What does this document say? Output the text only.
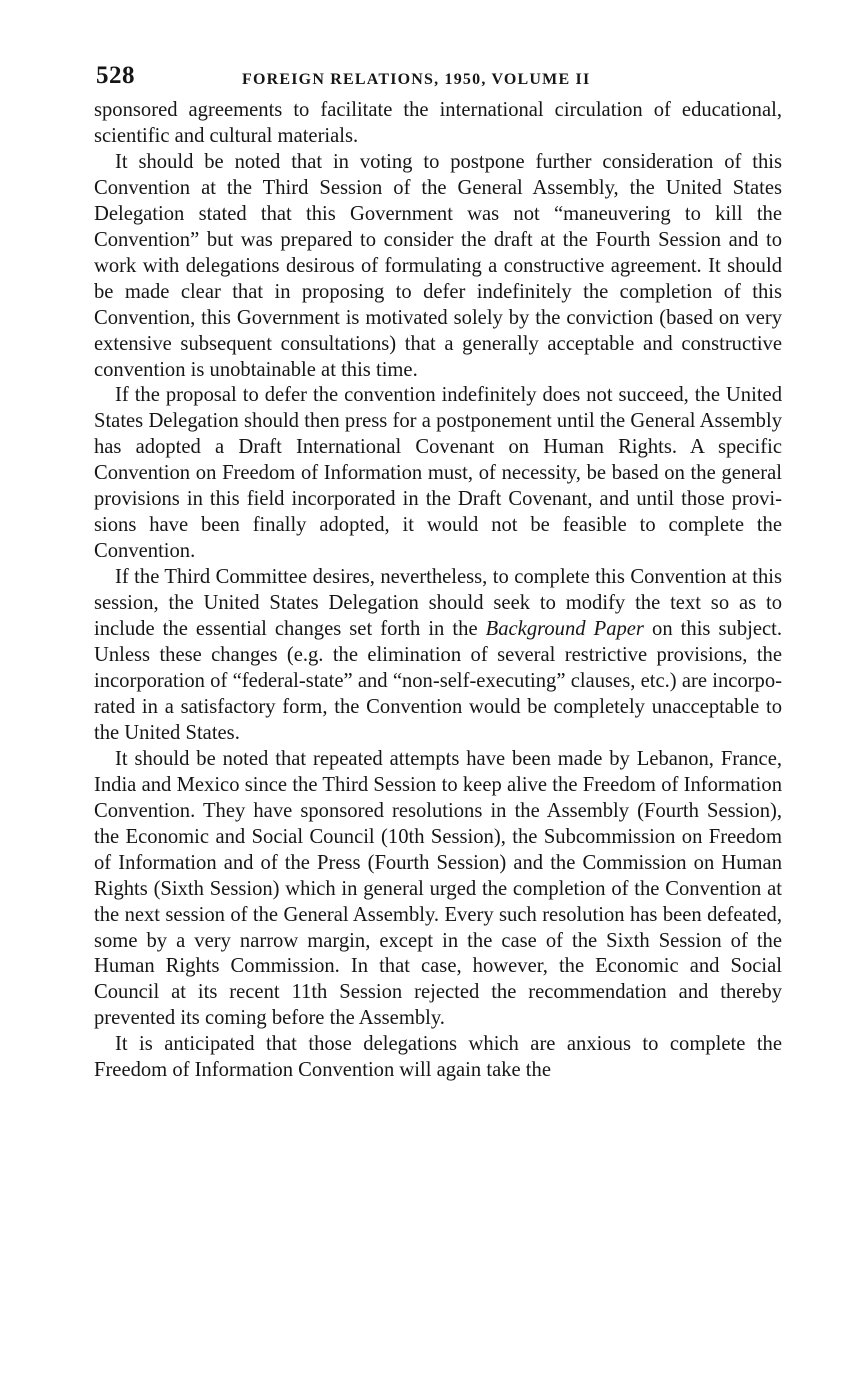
528	FOREIGN RELATIONS, 1950, VOLUME II

sponsored agreements to facilitate the international circulation of educational, scientific and cultural materials.

It should be noted that in voting to postpone further consideration of this Convention at the Third Session of the General Assembly, the United States Delegation stated that this Government was not “maneuvering to kill the Convention” but was prepared to consider the draft at the Fourth Session and to work with delegations desirous of formulating a constructive agreement. It should be made clear that in proposing to defer indefinitely the completion of this Convention, this Government is motivated solely by the conviction (based on very extensive subsequent consultations) that a generally acceptable and constructive convention is unobtainable at this time.

If the proposal to defer the convention indefinitely does not succeed, the United States Delegation should then press for a postponement until the General Assembly has adopted a Draft International Covenant on Human Rights. A specific Convention on Freedom of Information must, of necessity, be based on the general provisions in this field incorporated in the Draft Covenant, and until those provisions have been finally adopted, it would not be feasible to complete the Convention.

If the Third Committee desires, nevertheless, to complete this Convention at this session, the United States Delegation should seek to modify the text so as to include the essential changes set forth in the Background Paper on this subject. Unless these changes (e.g. the elimination of several restrictive provisions, the incorporation of “federal-state” and “non-self-executing” clauses, etc.) are incorporated in a satisfactory form, the Convention would be completely unacceptable to the United States.

It should be noted that repeated attempts have been made by Lebanon, France, India and Mexico since the Third Session to keep alive the Freedom of Information Convention. They have sponsored resolutions in the Assembly (Fourth Session), the Economic and Social Council (10th Session), the Subcommission on Freedom of Information and of the Press (Fourth Session) and the Commission on Human Rights (Sixth Session) which in general urged the completion of the Convention at the next session of the General Assembly. Every such resolution has been defeated, some by a very narrow margin, except in the case of the Sixth Session of the Human Rights Commission. In that case, however, the Economic and Social Council at its recent 11th Session rejected the recommendation and thereby prevented its coming before the Assembly.

It is anticipated that those delegations which are anxious to complete the Freedom of Information Convention will again take the
